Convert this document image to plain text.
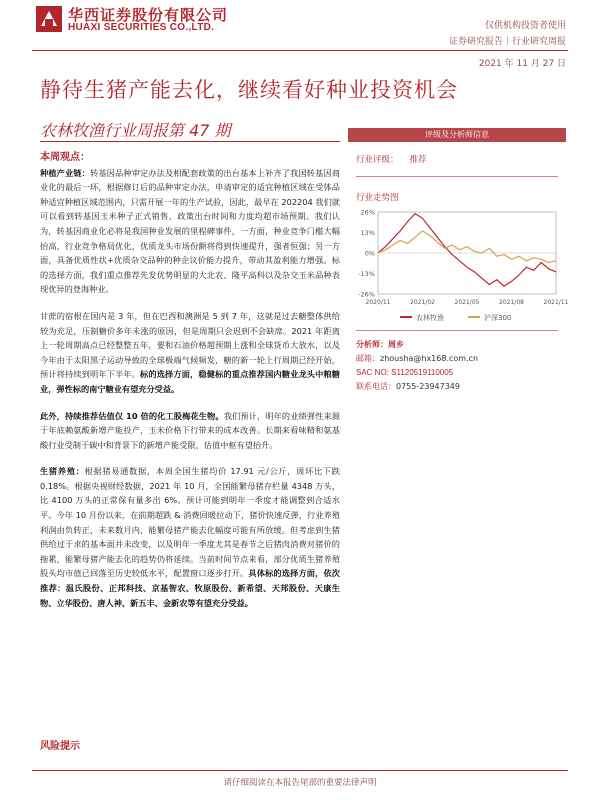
华西证券股份有限公司
HUAXI SECURITIES CO.,LTD.	仅供机构投资者使用
证券研究报告｜行业研究周报
2021 年 11 月 27 日
静待生猪产能去化，继续看好种业投资机会
农林牧渔行业周报第 47 期
本周观点：
种植产业链：转基因品种审定办法及相配套政策的出台基本上补齐了我国转基因商业化的最后一环，根据修订后的品种审定办法，申请审定的适宜种植区域在受体品种适宜种植区域范围内，只需开展一年的生产试验，因此，最早在 202204 我们就可以看到转基因玉米种子正式销售，政策出台时间和力度均超市场预期。我们认为，转基因商业化必将是我国种业发展的里程碑事件，一方面，种业竞争门槛大幅抬高，行业竞争格局优化，优质龙头市场份额将得到快速提升，强者恒强；另一方面，具备优质性状+优质杂交品种的种企议价能力提升，带动其盈利能力增强。标的选择方面，我们重点推荐先发优势明显的大北农、隆平高科以及杂交玉米品种表现优异的登海种业。
甘蔗的宿根在国内是 3 年，但在巴西和澳洲是 5 到 7 年，这就是过去糖整体供给较为充足，压制糖价多年未涨的原因，但是周期只会迟到不会缺席。2021 年距离上一轮周期高点已经整整五年，要和石油价格超预期上涨和全球货币大放水，以及今年由于太阳黑子运动导致的全球极端气候频发，糖的新一轮上行周期已经开始，预计将持续到明年下半年。标的选择方面，稳健标的重点推荐国内糖业龙头中粮糖业，弹性标的南宁糖业有望充分受益。
此外，持续推荐估值仅 10 倍的化工股梅花生物。我们预计，明年的业绩弹性来源于年底赖氨酸新增产能投产，玉米价格下行带来的成本改善。长期来看味精和氨基酸行业受制于碳中和背景下的新增产能受限，估值中枢有望抬升。
生猪养殖：根据猪易通数据，本周全国生猪均价 17.91 元/公斤，周环比下跌 0.18%。根据央视财经数据，2021 年 10 月，全国能繁母猪存栏量 4348 万头，比 4100 万头的正常保有量多出 6%。预计可能到明年一季度才能调整到合适水平。今年 10 月份以来，在前期超跌 & 消费回暖拉动下，猪价快速反弹，行业养殖利润由负转正，未来数月内，能繁母猪产能去化幅度可能有所放缓。但考虑到生猪供给过于求的基本面并未改变，以及明年一季度尤其是春节之后猪肉消费对猪价的拖累，能繁母猪产能去化的趋势仍将延续。当前时间节点来看，部分优质生猪养殖股头均市值已回落至历史较低水平，配置窗口逐步打开。具体标的选择方面，依次推荐：温氏股份、正邦科技、京基智农、牧原股份、新希望、天邦股份、天康生物、立华股份、唐人神、新五丰、金新农等有望充分受益。
风险提示
评级及分析师信息
行业评级： 推荐
行业走势图
26%
13%
0%
-13%
-26%
2020/11	2021/02	2021/05	2021/08	2021/11
农林牧渔	沪深300
分析师：周乡
邮箱：zhousha@hx168.com.cn
SAC NO: S1120519110005
联系电话：0755-23947349
请仔细阅读在本报告尾部的重要法律声明
